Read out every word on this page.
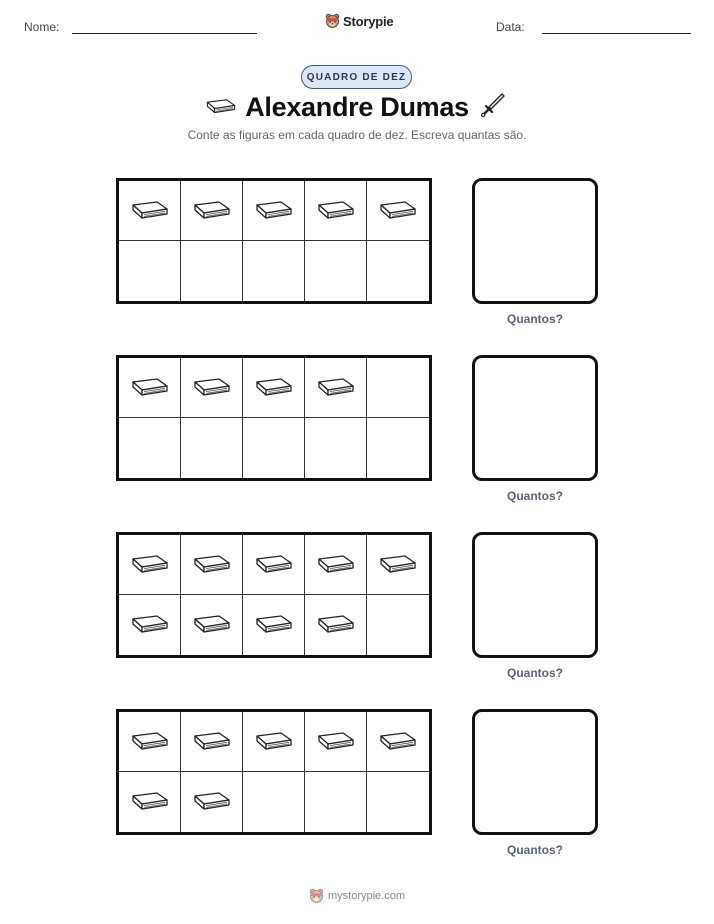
Nome:	Storypie	Data:
QUADRO DE DEZ
Alexandre Dumas
Conte as figuras em cada quadro de dez. Escreva quantas são.
Quantos?
Quantos?
Quantos?
Quantos?
mystorypie.com
